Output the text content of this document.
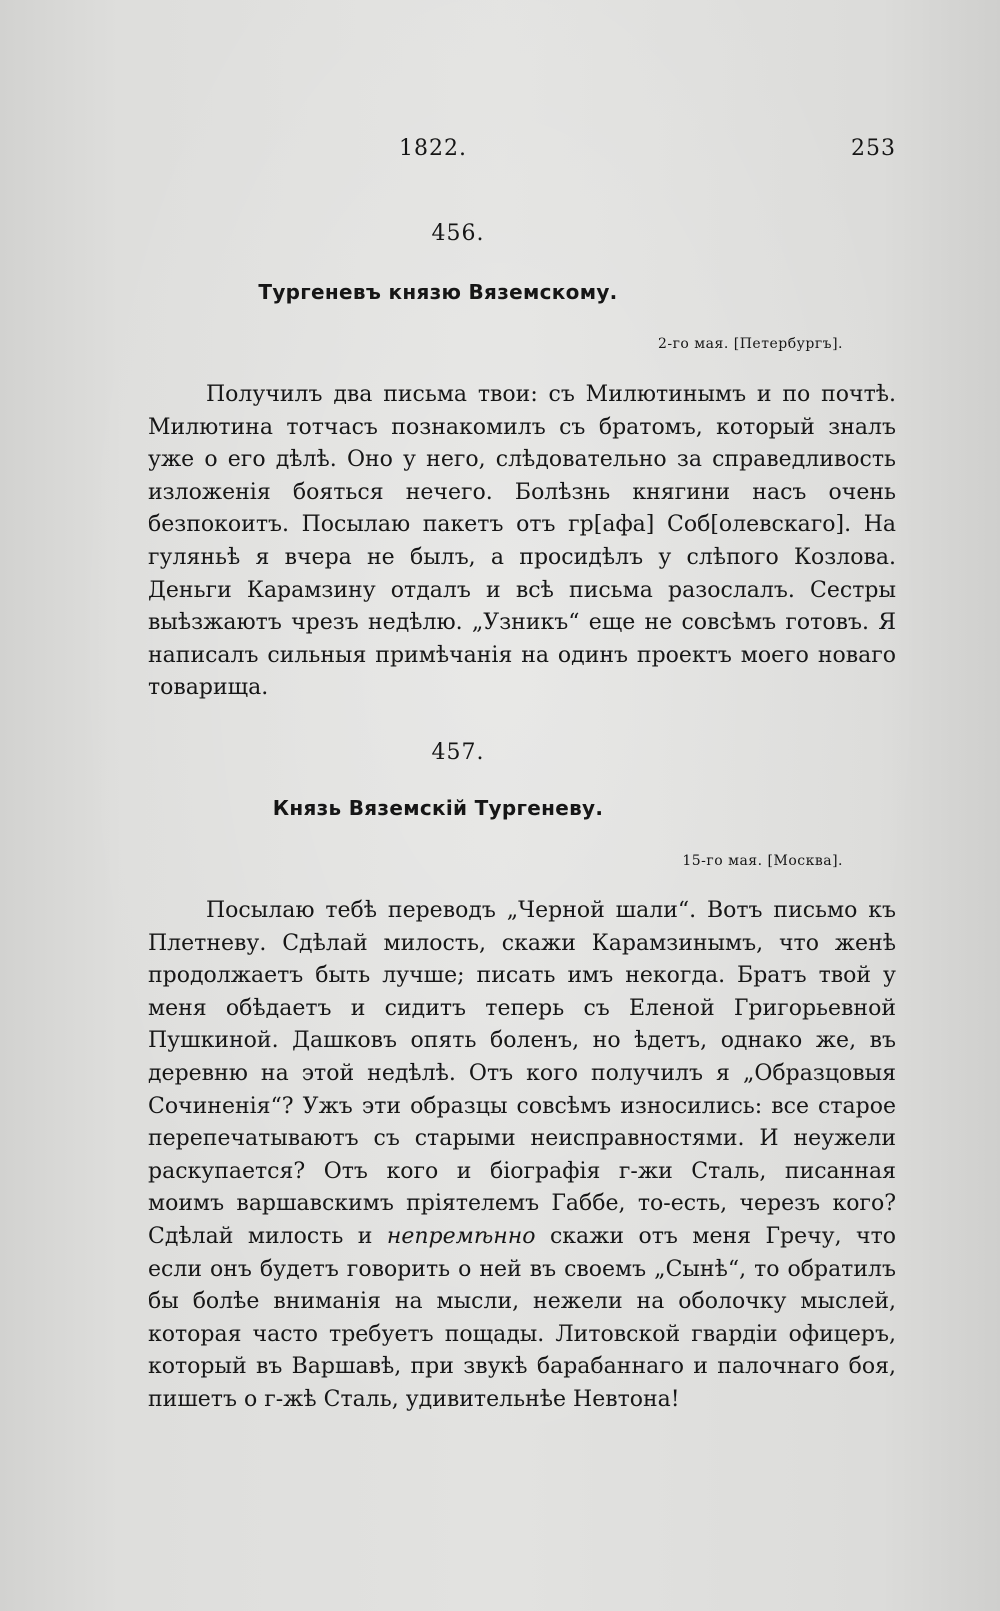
1822.	253
456.
Тургеневъ князю Вяземскому.
2-го мая. [Петербургъ].

Получилъ два письма твои: съ Милютинымъ и по почтѣ. Милютина тотчасъ познакомилъ съ братомъ, который зналъ уже о его дѣлѣ. Оно у него, слѣдовательно за справедливость изложенія бояться нечего. Болѣзнь княгини насъ очень безпокоитъ. Посылаю пакетъ отъ гр[афа] Соб[олевскаго]. На гуляньѣ я вчера не былъ, а просидѣлъ у слѣпого Козлова. Деньги Карамзину отдалъ и всѣ письма разослалъ. Сестры выѣзжаютъ чрезъ недѣлю. „Узникъ“ еще не совсѣмъ готовъ. Я написалъ сильныя примѣчанія на одинъ проектъ моего новаго товарища.

457.
Князь Вяземскій Тургеневу.
15-го мая. [Москва].

Посылаю тебѣ переводъ „Черной шали“. Вотъ письмо къ Плетневу. Сдѣлай милость, скажи Карамзинымъ, что женѣ продолжаетъ быть лучше; писать имъ некогда. Братъ твой у меня обѣдаетъ и сидитъ теперь съ Еленой Григорьевной Пушкиной. Дашковъ опять боленъ, но ѣдетъ, однако же, въ деревню на этой недѣлѣ. Отъ кого получилъ я „Образцовыя Сочиненія“? Ужъ эти образцы совсѣмъ износились: все старое перепечатываютъ съ старыми неисправностями. И неужели раскупается? Отъ кого и біографія г-жи Сталь, писанная моимъ варшавскимъ пріятелемъ Габбе, то-есть, черезъ кого? Сдѣлай милость и непремѣнно скажи отъ меня Гречу, что если онъ будетъ говорить о ней въ своемъ „Сынѣ“, то обратилъ бы болѣе вниманія на мысли, нежели на оболочку мыслей, которая часто требуетъ пощады. Литовской гвардіи офицеръ, который въ Варшавѣ, при звукѣ барабаннаго и палочнаго боя, пишетъ о г-жѣ Сталь, удивительнѣе Невтона!
